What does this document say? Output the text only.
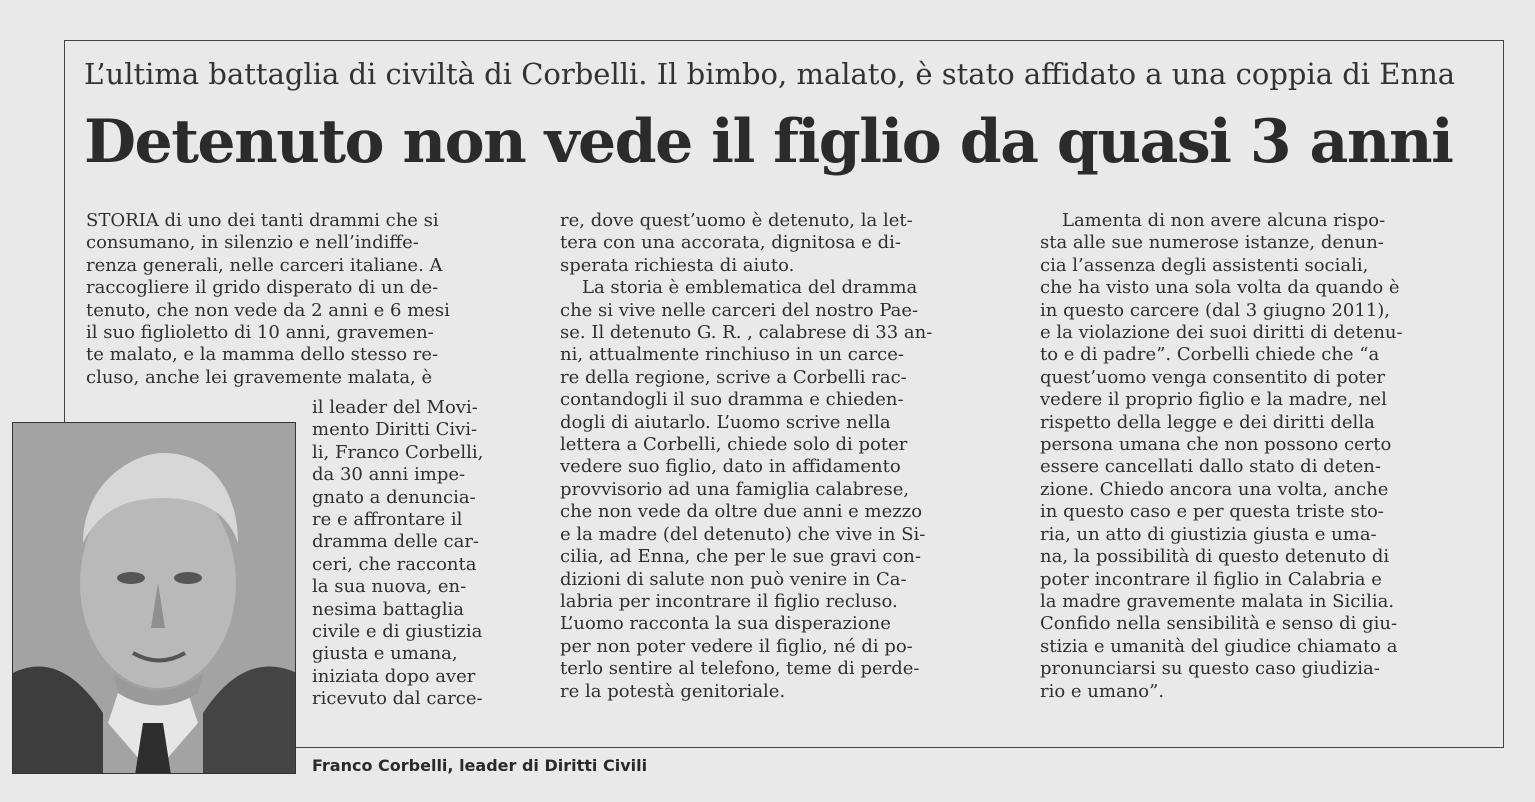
L’ultima battaglia di civiltà di Corbelli. Il bimbo, malato, è stato affidato a una coppia di Enna
Detenuto non vede il figlio da quasi 3 anni
STORIA di uno dei tanti drammi che si
consumano, in silenzio e nell’indiffe-
renza generali, nelle carceri italiane. A
raccogliere il grido disperato di un de-
tenuto, che non vede da 2 anni e 6 mesi
il suo figlioletto di 10 anni, gravemen-
te malato, e la mamma dello stesso re-
cluso, anche lei gravemente malata, è
il leader del Movi-
mento Diritti Civi-
li, Franco Corbelli,
da 30 anni impe-
gnato a denunciа-
re e affrontare il
dramma delle car-
ceri, che racconta
la sua nuova, en-
nesima battaglia
civile e di giustizia
giusta e umana,
iniziata dopo aver
ricevuto dal carce-
re, dove quest’uomo è detenuto, la let-
tera con una accorata, dignitosa e di-
sperata richiesta di aiuto.
La storia è emblematica del dramma
che si vive nelle carceri del nostro Pae-
se. Il detenuto G. R. , calabrese di 33 an-
ni, attualmente rinchiuso in un carce-
re della regione, scrive a Corbelli rac-
contandogli il suo dramma e chieden-
dogli di aiutarlo. L’uomo scrive nella
lettera a Corbelli, chiede solo di poter
vedere suo figlio, dato in affidamento
provvisorio ad una famiglia calabrese,
che non vede da oltre due anni e mezzo
e la madre (del detenuto) che vive in Si-
cilia, ad Enna, che per le sue gravi con-
dizioni di salute non può venire in Ca-
labria per incontrare il figlio recluso.
L’uomo racconta la sua disperazione
per non poter vedere il figlio, né di po-
terlo sentire al telefono, teme di perde-
re la potestà genitoriale.
Lamenta di non avere alcuna rispo-
sta alle sue numerose istanze, denun-
cia l’assenza degli assistenti sociali,
che ha visto una sola volta da quando è
in questo carcere (dal 3 giugno 2011),
e la violazione dei suoi diritti di detenu-
to e di padre”. Corbelli chiede che “a
quest’uomo venga consentito di poter
vedere il proprio figlio e la madre, nel
rispetto della legge e dei diritti della
persona umana che non possono certo
essere cancellati dallo stato di deten-
zione. Chiedo ancora una volta, anche
in questo caso e per questa triste sto-
ria, un atto di giustizia giusta e uma-
na, la possibilità di questo detenuto di
poter incontrare il figlio in Calabria e
la madre gravemente malata in Sicilia.
Confido nella sensibilità e senso di giu-
stizia e umanità del giudice chiamato a
pronunciarsi su questo caso giudizia-
rio e umano”.
Franco Corbelli, leader di Diritti Civili
